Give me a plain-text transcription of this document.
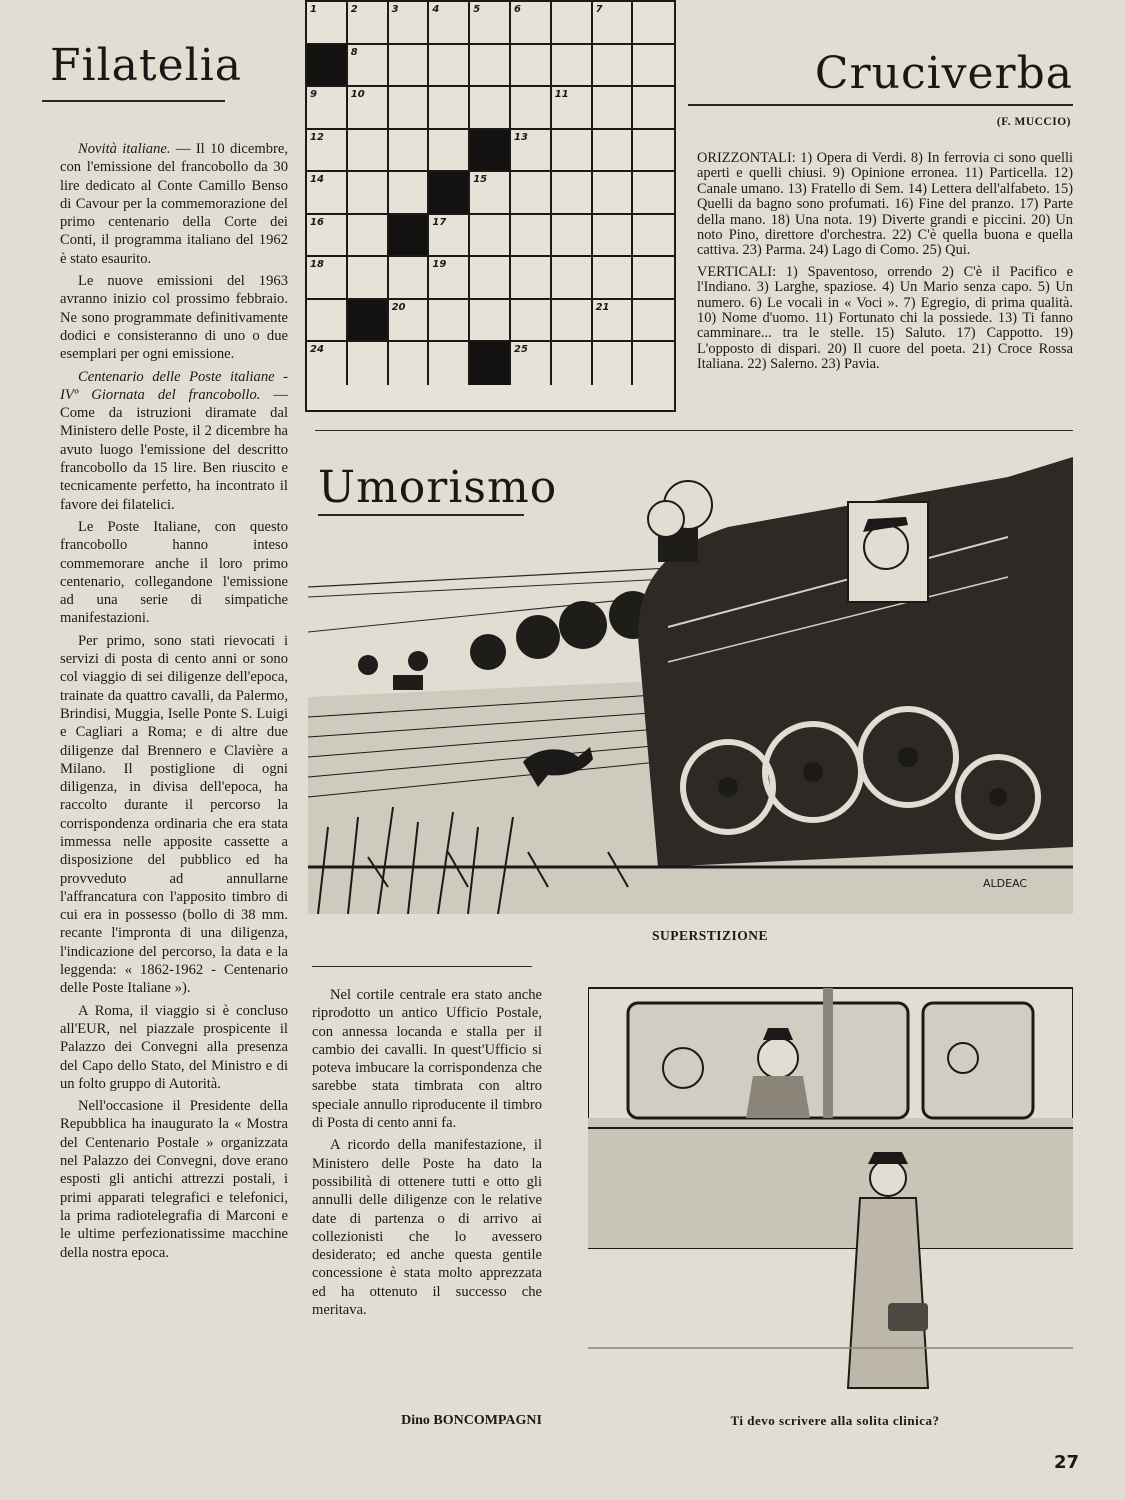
Filatelia

Novità italiane. — Il 10 dicembre, con l'emissione del francobollo da 30 lire dedicato al Conte Camillo Benso di Cavour per la commemorazione del primo centenario della Corte dei Conti, il programma italiano del 1962 è stato esaurito.

Le nuove emissioni del 1963 avranno inizio col prossimo febbraio. Ne sono programmate definitivamente dodici e consisteranno di uno o due esemplari per ogni emissione.

Centenario delle Poste italiane - IVº Giornata del francobollo. — Come da istruzioni diramate dal Ministero delle Poste, il 2 dicembre ha avuto luogo l'emissione del descritto francobollo da 15 lire. Ben riuscito e tecnicamente perfetto, ha incontrato il favore dei filatelici.

Le Poste Italiane, con questo francobollo hanno inteso commemorare anche il loro primo centenario, collegandone l'emissione ad una serie di simpatiche manifestazioni.

Per primo, sono stati rievocati i servizi di posta di cento anni or sono col viaggio di sei diligenze dell'epoca, trainate da quattro cavalli, da Palermo, Brindisi, Muggia, Iselle Ponte S. Luigi e Cagliari a Roma; e di altre due diligenze dal Brennero e Clavière a Milano. Il postiglione di ogni diligenza, in divisa dell'epoca, ha raccolto durante il percorso la corrispondenza ordinaria che era stata immessa nelle apposite cassette a disposizione del pubblico ed ha provveduto ad annullarne l'affrancatura con l'apposito timbro di cui era in possesso (bollo di 38 mm. recante l'impronta di una diligenza, l'indicazione del percorso, la data e la leggenda: « 1862-1962 - Centenario delle Poste Italiane »).

A Roma, il viaggio si è concluso all'EUR, nel piazzale prospicente il Palazzo dei Convegni alla presenza del Capo dello Stato, del Ministro e di un folto gruppo di Autorità.

Nell'occasione il Presidente della Repubblica ha inaugurato la « Mostra del Centenario Postale » organizzata nel Palazzo dei Convegni, dove erano esposti gli antichi attrezzi postali, i primi apparati telegrafici e telefonici, la prima radiotelegrafia di Marconi e le ultime perfezionatissime macchine della nostra epoca.

Nel cortile centrale era stato anche riprodotto un antico Ufficio Postale, con annessa locanda e stalla per il cambio dei cavalli. In quest'Ufficio si poteva imbucare la corrispondenza che sarebbe stata timbrata con altro speciale annullo riproducente il timbro di Posta di cento anni fa.

A ricordo della manifestazione, il Ministero delle Poste ha dato la possibilità di ottenere tutti e otto gli annulli delle diligenze con le relative date di partenza o di arrivo ai collezionisti che lo avessero desiderato; ed anche questa gentile concessione è stata molto apprezzata ed ha ottenuto il successo che meritava.

Dino BONCOMPAGNI
1	2	3	4	5	6	7
8
9	10	11
12	13
14	15
16	17
18	19
20	21
24	25
Cruciverba
(F. MUCCIO)

ORIZZONTALI: 1) Opera di Verdi. 8) In ferrovia ci sono quelli aperti e quelli chiusi. 9) Opinione erronea. 11) Particella. 12) Canale umano. 13) Fratello di Sem. 14) Lettera dell'alfabeto. 15) Quelli da bagno sono profumati. 16) Fine del pranzo. 17) Parte della mano. 18) Una nota. 19) Diverte grandi e piccini. 20) Un noto Pino, direttore d'orchestra. 22) C'è quella buona e quella cattiva. 23) Parma. 24) Lago di Como. 25) Qui.

VERTICALI: 1) Spaventoso, orrendo 2) C'è il Pacifico e l'Indiano. 3) Larghe, spaziose. 4) Un Mario senza capo. 5) Un numero. 6) Le vocali in « Voci ». 7) Egregio, di prima qualità. 10) Nome d'uomo. 11) Fortunato chi la possiede. 13) Ti fanno camminare... tra le stelle. 15) Saluto. 17) Cappotto. 19) L'opposto di dispari. 20) Il cuore del poeta. 21) Croce Rossa Italiana. 22) Salerno. 23) Pavia.

Umorismo
ALDEAC
SUPERSTIZIONE
Ti devo scrivere alla solita clinica?
27
